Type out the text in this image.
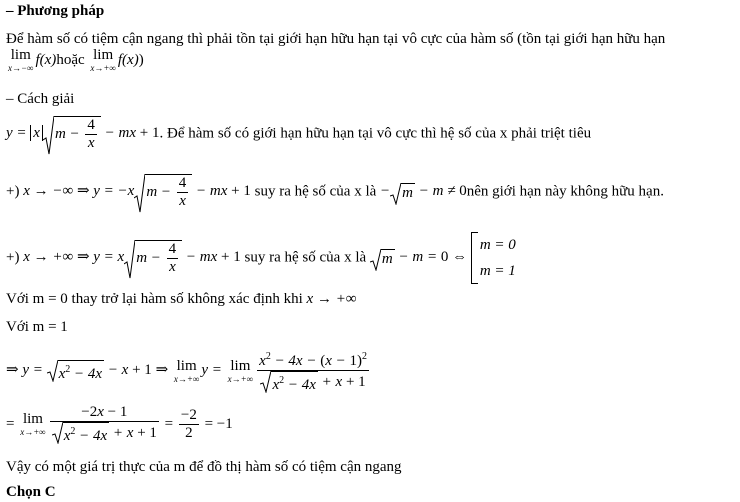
– Phương pháp
Để hàm số có tiệm cận ngang thì phải tồn tại giới hạn hữu hạn tại vô cực của hàm số (tồn tại giới hạn hữu hạn
lim
x→−∞
f(x)hoặc lim
x→+∞
f(x))
– Cách giải
y = x $m - \frac{4}{x}$ − mx + 1. Để hàm số có giới hạn hữu hạn tại vô cực thì hệ số của x phải triệt tiêu
+) x → −∞ ⇒ y = −x $m - \frac{4}{x}$ − mx + 1 suy ra hệ số của x là − m − m ≠ 0nên giới hạn này không hữu hạn.
+) x → +∞ ⇒ y = x $m - \frac{4}{x}$ − mx + 1 suy ra hệ số của x là m − m = 0 ⇔
m = 0
m = 1
Với m = 0 thay trở lại hàm số không xác định khi x → +∞
Với m = 1
⇒ y =
$x^2 - 4x - x + 1$ ⇒ lim
x→+∞
y = lim
$x\to+\infty \frac{x^2 - 4x - (x - 1)^2}{x^2 - 4x + x + 1}$
= lim
$x\to+\infty \frac{-2x - 1}{x^2 - 4x + x + 1} = \frac{-2}{2} = -1$
Vậy có một giá trị thực của m để đồ thị hàm số có tiệm cận ngang
Chọn C
